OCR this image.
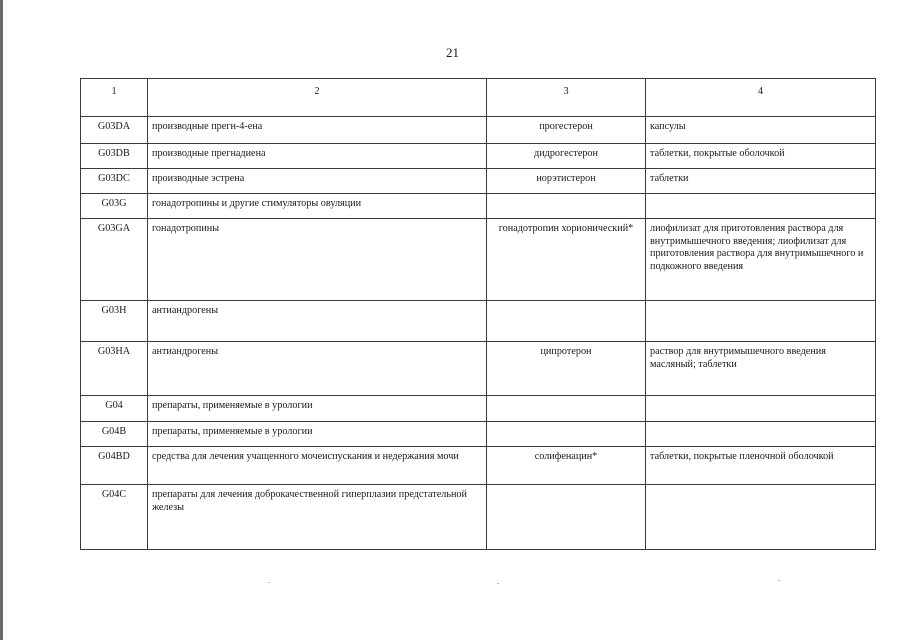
21
1	2	3	4
G03DA	производные прегн-4-ена	прогестерон	капсулы
G03DB	производные прегнадиена	дидрогестерон	таблетки, покрытые оболочкой
G03DC	производные эстрена	норэтистерон	таблетки
G03G	гонадотропины и другие стимуляторы овуляции		
G03GA	гонадотропины	гонадотропин хорионический*	лиофилизат для приготовления раствора для внутримышечного введения; лиофилизат для приготовления раствора для внутримышечного и подкожного введения
G03H	антиандрогены		
G03HA	антиандрогены	ципротерон	раствор для внутримышечного введения масляный; таблетки
G04	препараты, применяемые в урологии		
G04B	препараты, применяемые в урологии		
G04BD	средства для лечения учащенного мочеиспускания и недержания мочи	солифенацин*	таблетки, покрытые пленочной оболочкой
G04C	препараты для лечения доброкачественной гиперплазии предстательной железы		
